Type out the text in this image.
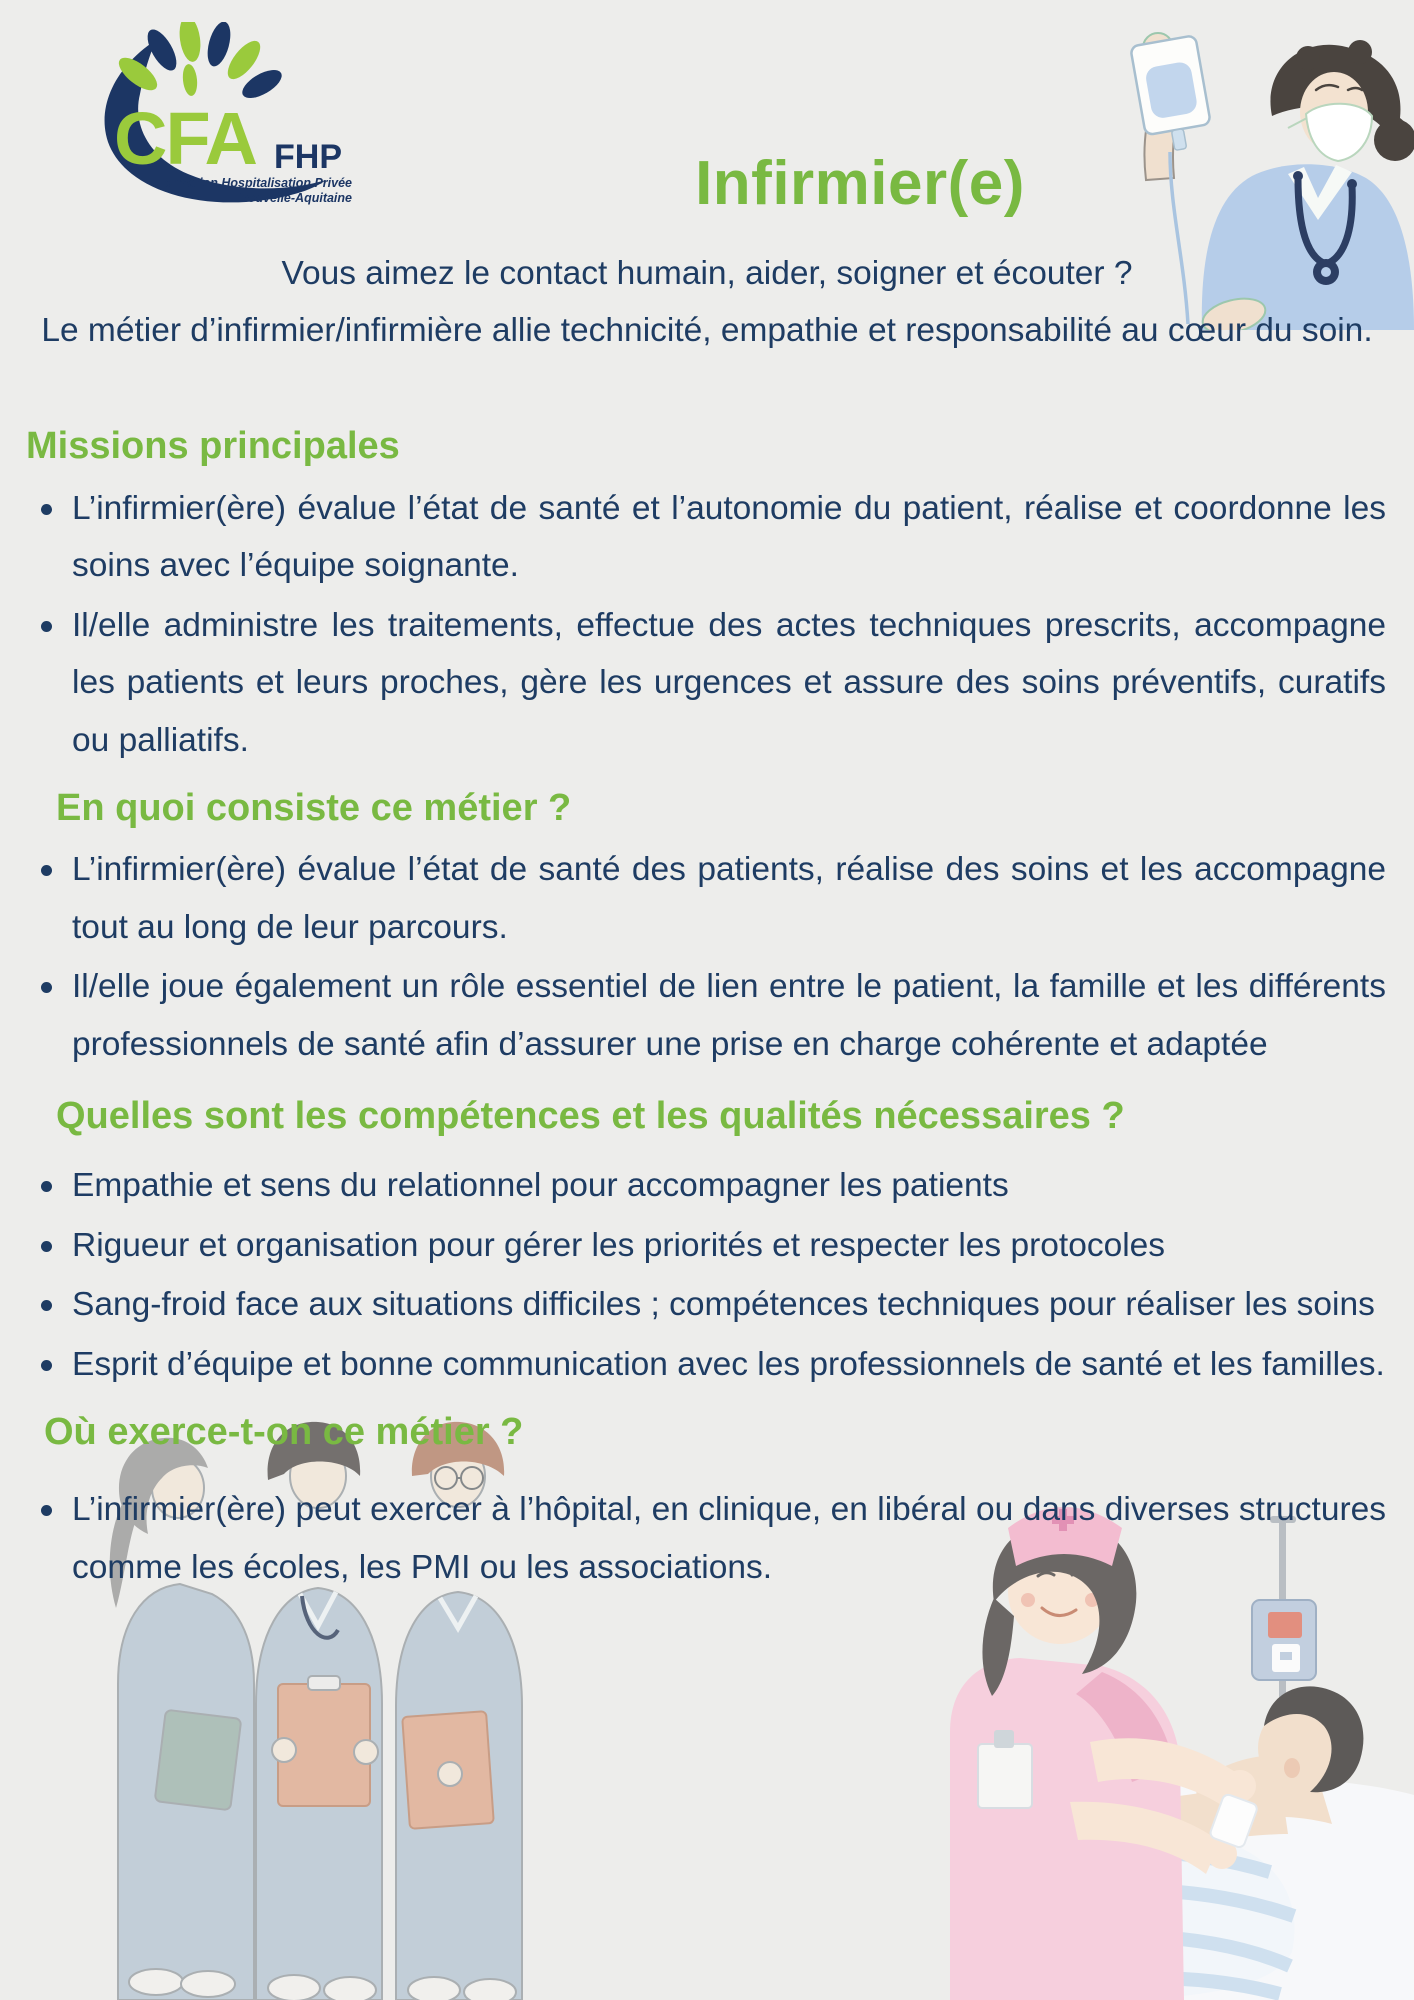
CFA FHP
Formation Hospitalisation Privée
Nouvelle-Aquitaine	Infirmier(e)

Vous aimez le contact humain, aider, soigner et écouter ?

Le métier d’infirmier/infirmière allie technicité, empathie et responsabilité au cœur du soin.

Missions principales
L’infirmier(ère) évalue l’état de santé et l’autonomie du patient, réalise et coordonne les soins avec l’équipe soignante.
Il/elle administre les traitements, effectue des actes techniques prescrits, accompagne les patients et leurs proches, gère les urgences et assure des soins préventifs, curatifs ou palliatifs.
En quoi consiste ce métier ?
L’infirmier(ère) évalue l’état de santé des patients, réalise des soins et les accompagne tout au long de leur parcours.
Il/elle joue également un rôle essentiel de lien entre le patient, la famille et les différents professionnels de santé afin d’assurer une prise en charge cohérente et adaptée
Quelles sont les compétences et les qualités nécessaires ?
Empathie et sens du relationnel pour accompagner les patients
Rigueur et organisation pour gérer les priorités et respecter les protocoles
Sang-froid face aux situations difficiles ; compétences techniques pour réaliser les soins
Esprit d’équipe et bonne communication avec les professionnels de santé et les familles.
Où exerce-t-on ce métier ?
L’infirmier(ère) peut exercer à l’hôpital, en clinique, en libéral ou dans diverses structures comme les écoles, les PMI ou les associations.
